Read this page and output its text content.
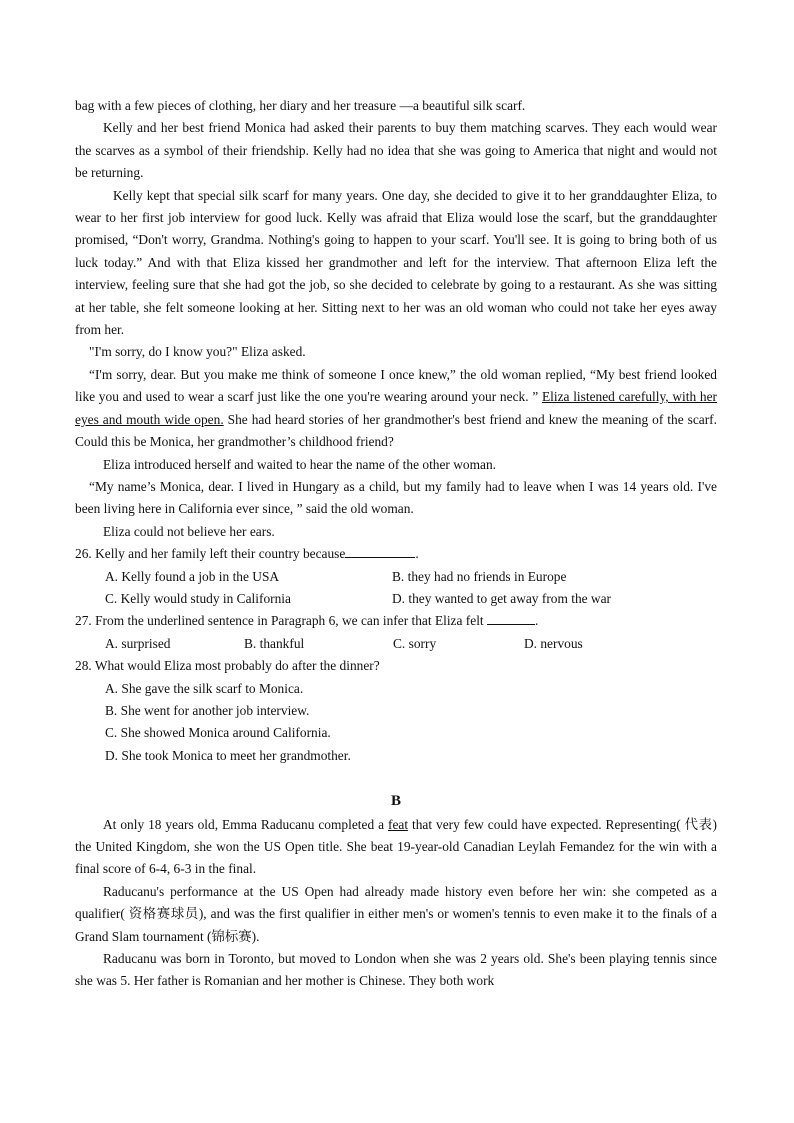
bag with a few pieces of clothing, her diary and her treasure —a beautiful silk scarf.

Kelly and her best friend Monica had asked their parents to buy them matching scarves. They each would wear the scarves as a symbol of their friendship. Kelly had no idea that she was going to America that night and would not be returning.

Kelly kept that special silk scarf for many years. One day, she decided to give it to her granddaughter Eliza, to wear to her first job interview for good luck. Kelly was afraid that Eliza would lose the scarf, but the granddaughter promised, “Don't worry, Grandma. Nothing's going to happen to your scarf. You'll see. It is going to bring both of us luck today.” And with that Eliza kissed her grandmother and left for the interview. That afternoon Eliza left the interview, feeling sure that she had got the job, so she decided to celebrate by going to a restaurant. As she was sitting at her table, she felt someone looking at her. Sitting next to her was an old woman who could not take her eyes away from her.

"I'm sorry, do I know you?" Eliza asked.

“I'm sorry, dear. But you make me think of someone I once knew,” the old woman replied, “My best friend looked like you and used to wear a scarf just like the one you're wearing around your neck. ” Eliza listened carefully, with her eyes and mouth wide open. She had heard stories of her grandmother's best friend and knew the meaning of the scarf. Could this be Monica, her grandmother’s childhood friend?

Eliza introduced herself and waited to hear the name of the other woman.

“My name’s Monica, dear. I lived in Hungary as a child, but my family had to leave when I was 14 years old. I've been living here in California ever since, ” said the old woman.

Eliza could not believe her ears.

26. Kelly and her family left their country because	.

A. Kelly found a job in the USA	B. they had no friends in Europe
C. Kelly would study in California	D. they wanted to get away from the war

27. From the underlined sentence in Paragraph 6, we can infer that Eliza felt	.

A. surprised	B. thankful	C. sorry	D. nervous

28. What would Eliza most probably do after the dinner?

A. She gave the silk scarf to Monica.

B. She went for another job interview.

C. She showed Monica around California.

D. She took Monica to meet her grandmother.

B

At only 18 years old, Emma Raducanu completed a feat that very few could have expected. Representing( 代表) the United Kingdom, she won the US Open title. She beat 19-year-old Canadian Leylah Femandez for the win with a final score of 6-4, 6-3 in the final.

Raducanu's performance at the US Open had already made history even before her win: she competed as a qualifier( 资格赛球员), and was the first qualifier in either men's or women's tennis to even make it to the finals of a Grand Slam tournament (锦标赛).

Raducanu was born in Toronto, but moved to London when she was 2 years old. She's been playing tennis since she was 5. Her father is Romanian and her mother is Chinese. They both work
